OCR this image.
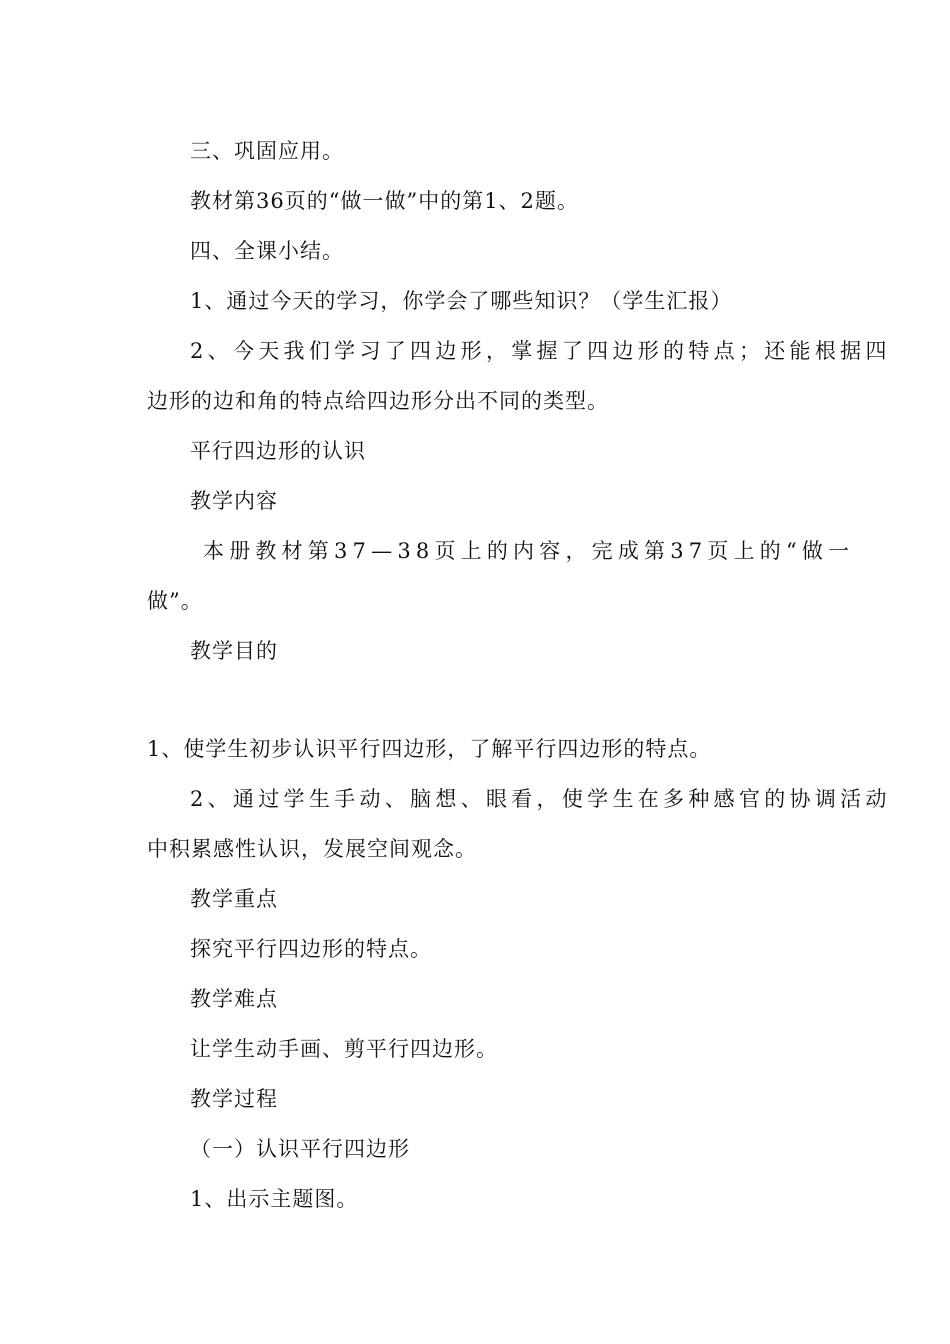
三、巩固应用。
教材第36页的“做一做”中的第1、2题。
四、全课小结。
1、通过今天的学习，你学会了哪些知识？（学生汇报）
2、今天我们学习了四边形，掌握了四边形的特点；还能根据四
边形的边和角的特点给四边形分出不同的类型。
平行四边形的认识
教学内容
本册教材第37—38页上的内容，完成第37页上的“做一
做”。
教学目的
1、使学生初步认识平行四边形，了解平行四边形的特点。
2、通过学生手动、脑想、眼看，使学生在多种感官的协调活动
中积累感性认识，发展空间观念。
教学重点
探究平行四边形的特点。
教学难点
让学生动手画、剪平行四边形。
教学过程
（一）认识平行四边形
1、出示主题图。
